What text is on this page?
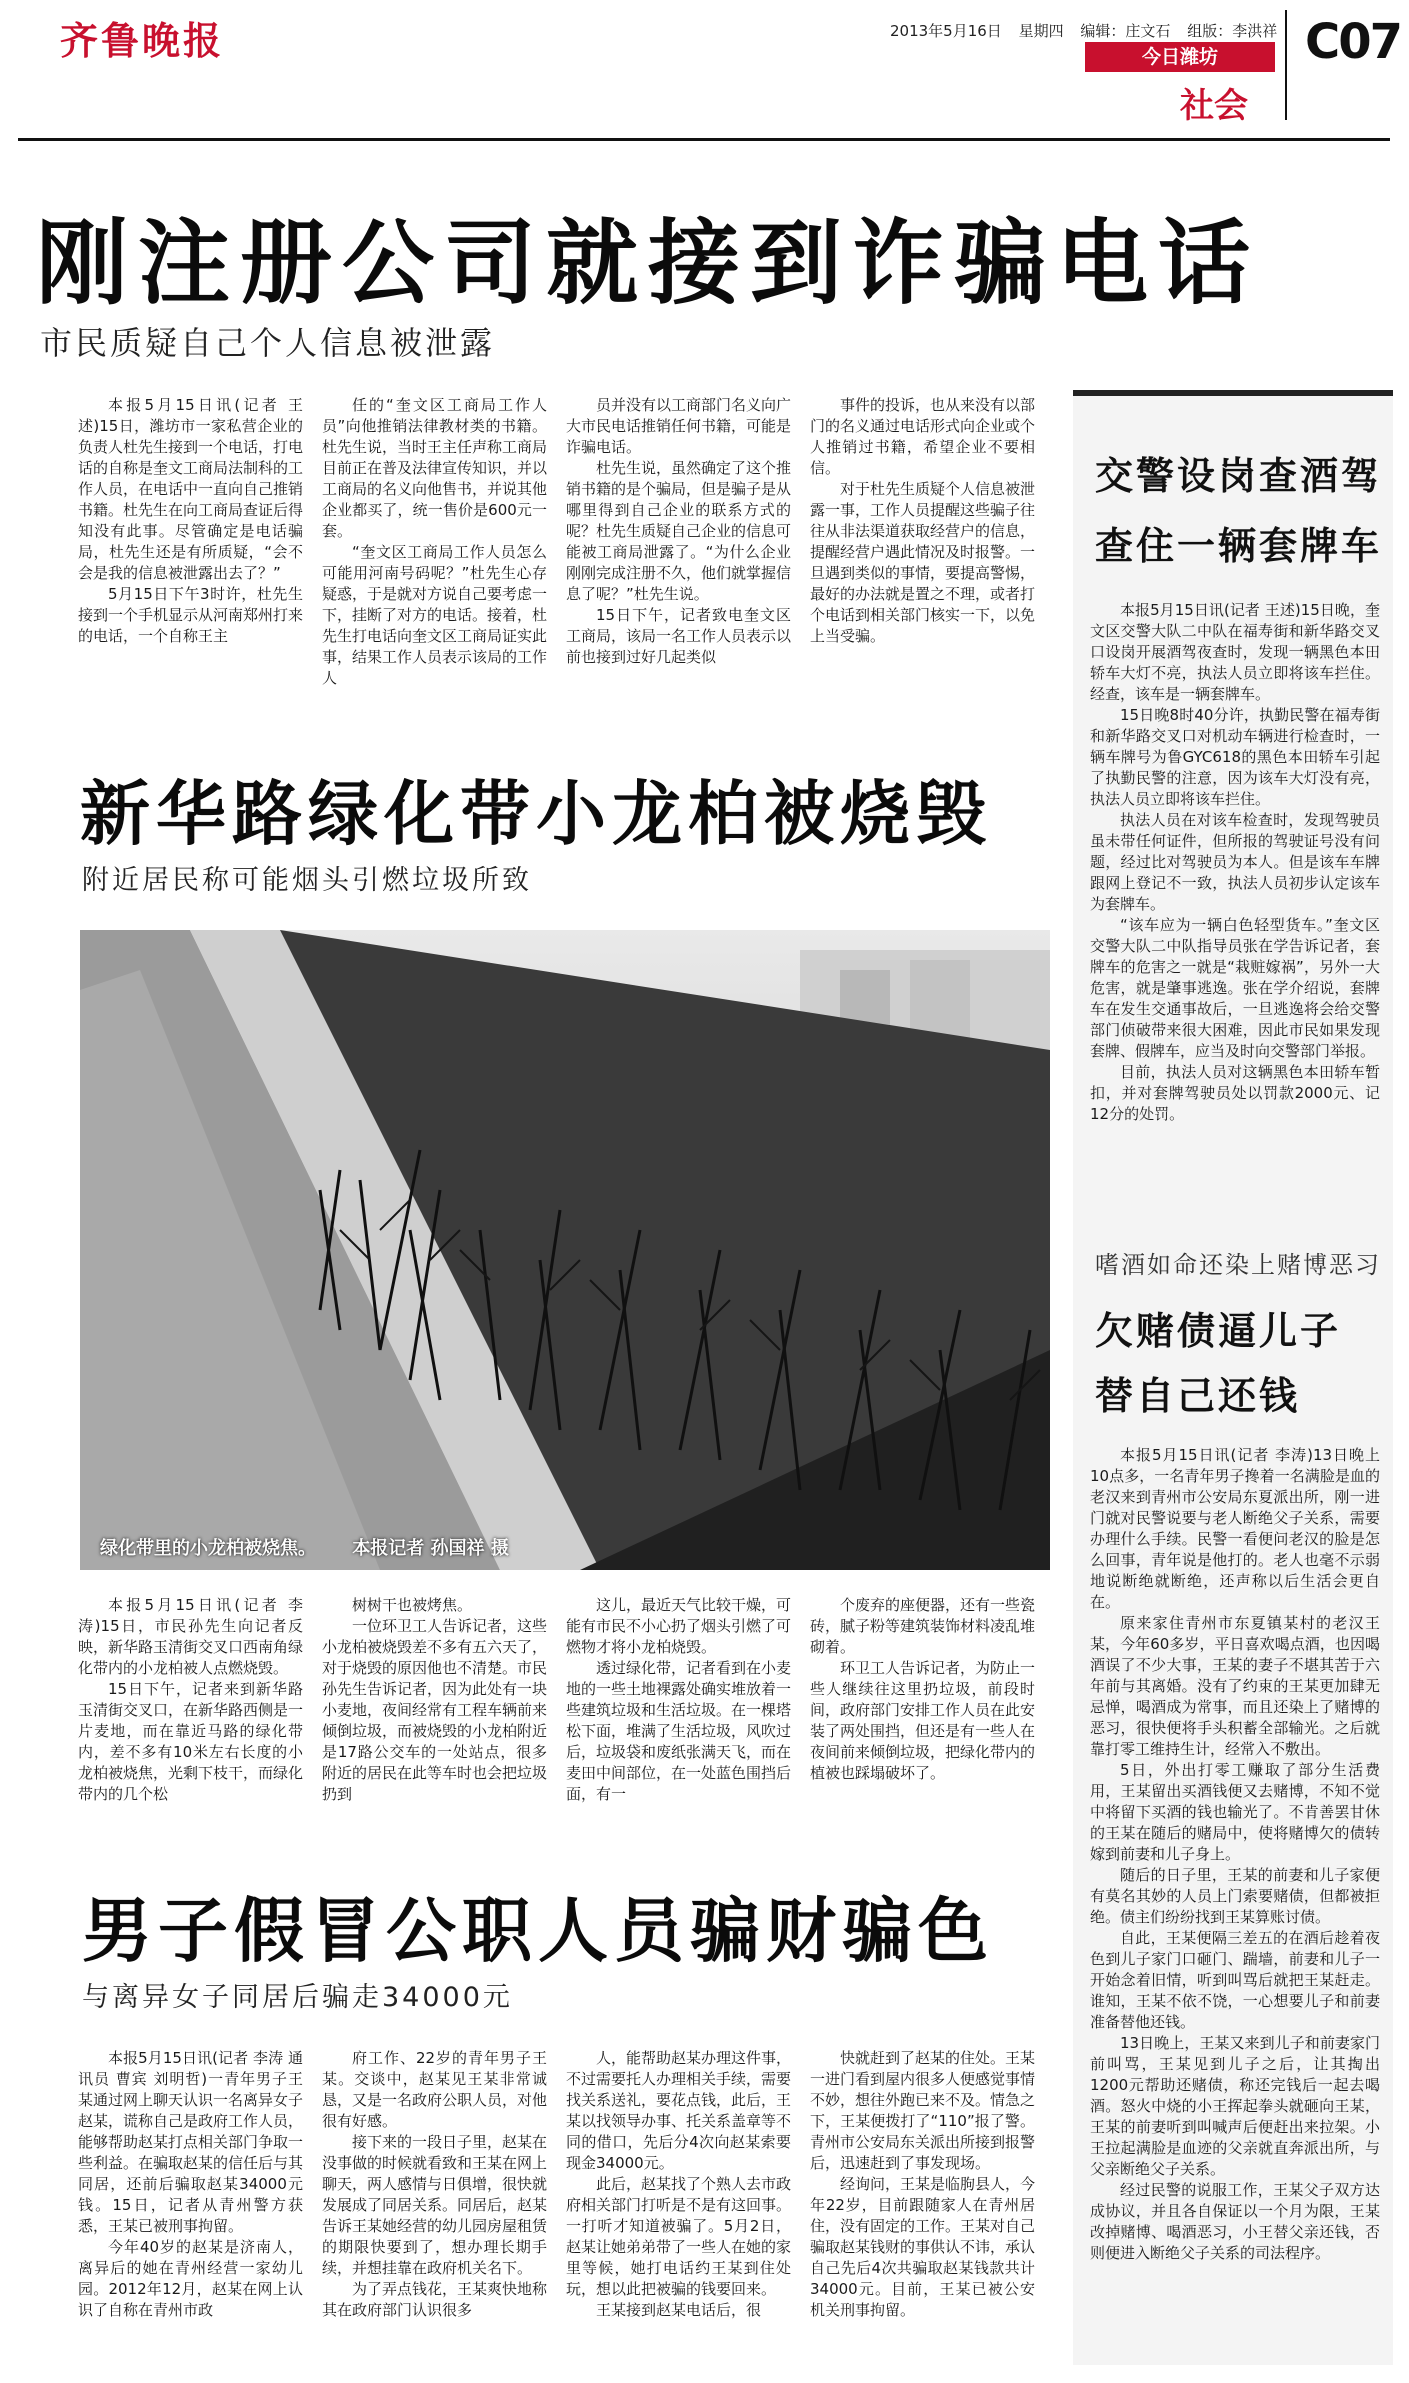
齐鲁晚报	2013年5月16日 星期四 编辑：庄文石 组版：李洪祥
今日潍坊
社会
C07
刚注册公司就接到诈骗电话
市民质疑自己个人信息被泄露

本报5月15日讯(记者 王述)15日，潍坊市一家私营企业的负责人杜先生接到一个电话，打电话的自称是奎文工商局法制科的工作人员，在电话中一直向自己推销书籍。杜先生在向工商局查证后得知没有此事。尽管确定是电话骗局，杜先生还是有所质疑，“会不会是我的信息被泄露出去了？”

5月15日下午3时许，杜先生接到一个手机显示从河南郑州打来的电话，一个自称王主

任的“奎文区工商局工作人员”向他推销法律教材类的书籍。杜先生说，当时王主任声称工商局目前正在普及法律宣传知识，并以工商局的名义向他售书，并说其他企业都买了，统一售价是600元一套。

“奎文区工商局工作人员怎么可能用河南号码呢？”杜先生心存疑惑，于是就对方说自己要考虑一下，挂断了对方的电话。接着，杜先生打电话向奎文区工商局证实此事，结果工作人员表示该局的工作人

员并没有以工商部门名义向广大市民电话推销任何书籍，可能是诈骗电话。

杜先生说，虽然确定了这个推销书籍的是个骗局，但是骗子是从哪里得到自己企业的联系方式的呢？杜先生质疑自己企业的信息可能被工商局泄露了。“为什么企业刚刚完成注册不久，他们就掌握信息了呢？”杜先生说。

15日下午，记者致电奎文区工商局，该局一名工作人员表示以前也接到过好几起类似

事件的投诉，也从来没有以部门的名义通过电话形式向企业或个人推销过书籍，希望企业不要相信。

对于杜先生质疑个人信息被泄露一事，工作人员提醒这些骗子往往从非法渠道获取经营户的信息，提醒经营户遇此情况及时报警。一旦遇到类似的事情，要提高警惕，最好的办法就是置之不理，或者打个电话到相关部门核实一下，以免上当受骗。

交警设岗查酒驾
查住一辆套牌车

本报5月15日讯(记者 王述)15日晚，奎文区交警大队二中队在福寿街和新华路交叉口设岗开展酒驾夜查时，发现一辆黑色本田轿车大灯不亮，执法人员立即将该车拦住。经查，该车是一辆套牌车。

15日晚8时40分许，执勤民警在福寿街和新华路交叉口对机动车辆进行检查时，一辆车牌号为鲁GYC618的黑色本田轿车引起了执勤民警的注意，因为该车大灯没有亮，执法人员立即将该车拦住。

执法人员在对该车检查时，发现驾驶员虽未带任何证件，但所报的驾驶证号没有问题，经过比对驾驶员为本人。但是该车车牌跟网上登记不一致，执法人员初步认定该车为套牌车。

“该车应为一辆白色轻型货车。”奎文区交警大队二中队指导员张在学告诉记者，套牌车的危害之一就是“栽赃嫁祸”，另外一大危害，就是肇事逃逸。张在学介绍说，套牌车在发生交通事故后，一旦逃逸将会给交警部门侦破带来很大困难，因此市民如果发现套牌、假牌车，应当及时向交警部门举报。

目前，执法人员对这辆黑色本田轿车暂扣，并对套牌驾驶员处以罚款2000元、记12分的处罚。

嗜酒如命还染上赌博恶习
欠赌债逼儿子
替自己还钱

本报5月15日讯(记者 李涛)13日晚上10点多，一名青年男子搀着一名满脸是血的老汉来到青州市公安局东夏派出所，刚一进门就对民警说要与老人断绝父子关系，需要办理什么手续。民警一看便问老汉的脸是怎么回事，青年说是他打的。老人也毫不示弱地说断绝就断绝，还声称以后生活会更自在。

原来家住青州市东夏镇某村的老汉王某，今年60多岁，平日喜欢喝点酒，也因喝酒误了不少大事，王某的妻子不堪其苦于六年前与其离婚。没有了约束的王某更加肆无忌惮，喝酒成为常事，而且还染上了赌博的恶习，很快便将手头积蓄全部输光。之后就靠打零工维持生计，经常入不敷出。

5日，外出打零工赚取了部分生活费用，王某留出买酒钱便又去赌博，不知不觉中将留下买酒的钱也输光了。不肯善罢甘休的王某在随后的赌局中，使将赌博欠的债转嫁到前妻和儿子身上。

随后的日子里，王某的前妻和儿子家便有莫名其妙的人员上门索要赌债，但都被拒绝。债主们纷纷找到王某算账讨债。

自此，王某便隔三差五的在酒后趁着夜色到儿子家门口砸门、踹墙，前妻和儿子一开始念着旧情，听到叫骂后就把王某赶走。谁知，王某不依不饶，一心想要儿子和前妻准备替他还钱。

13日晚上，王某又来到儿子和前妻家门前叫骂，王某见到儿子之后，让其掏出1200元帮助还赌债，称还完钱后一起去喝酒。怒火中烧的小王挥起拳头就砸向王某，王某的前妻听到叫喊声后便赶出来拉架。小王拉起满脸是血迹的父亲就直奔派出所，与父亲断绝父子关系。

经过民警的说服工作，王某父子双方达成协议，并且各自保证以一个月为限，王某改掉赌博、喝酒恶习，小王替父亲还钱，否则便进入断绝父子关系的司法程序。

新华路绿化带小龙柏被烧毁
附近居民称可能烟头引燃垃圾所致
绿化带里的小龙柏被烧焦。 本报记者 孙国祥 摄

本报5月15日讯(记者 李涛)15日，市民孙先生向记者反映，新华路玉清街交叉口西南角绿化带内的小龙柏被人点燃烧毁。

15日下午，记者来到新华路玉清街交叉口，在新华路西侧是一片麦地，而在靠近马路的绿化带内，差不多有10米左右长度的小龙柏被烧焦，光剩下枝干，而绿化带内的几个松

树树干也被烤焦。

一位环卫工人告诉记者，这些小龙柏被烧毁差不多有五六天了，对于烧毁的原因他也不清楚。市民孙先生告诉记者，因为此处有一块小麦地，夜间经常有工程车辆前来倾倒垃圾，而被烧毁的小龙柏附近是17路公交车的一处站点，很多附近的居民在此等车时也会把垃圾扔到

这儿，最近天气比较干燥，可能有市民不小心扔了烟头引燃了可燃物才将小龙柏烧毁。

透过绿化带，记者看到在小麦地的一些土地裸露处确实堆放着一些建筑垃圾和生活垃圾。在一棵塔松下面，堆满了生活垃圾，风吹过后，垃圾袋和废纸张满天飞，而在麦田中间部位，在一处蓝色围挡后面，有一

个废弃的座便器，还有一些瓷砖，腻子粉等建筑装饰材料凌乱堆砌着。

环卫工人告诉记者，为防止一些人继续往这里扔垃圾，前段时间，政府部门安排工作人员在此安装了两处围挡，但还是有一些人在夜间前来倾倒垃圾，把绿化带内的植被也踩塌破坏了。

男子假冒公职人员骗财骗色
与离异女子同居后骗走34000元

本报5月15日讯(记者 李涛 通讯员 曹宾 刘明哲)一青年男子王某通过网上聊天认识一名离异女子赵某，谎称自己是政府工作人员，能够帮助赵某打点相关部门争取一些利益。在骗取赵某的信任后与其同居，还前后骗取赵某34000元钱。15日，记者从青州警方获悉，王某已被刑事拘留。

今年40岁的赵某是济南人，离异后的她在青州经营一家幼儿园。2012年12月，赵某在网上认识了自称在青州市政

府工作、22岁的青年男子王某。交谈中，赵某见王某非常诚恳，又是一名政府公职人员，对他很有好感。

接下来的一段日子里，赵某在没事做的时候就看致和王某在网上聊天，两人感情与日俱增，很快就发展成了同居关系。同居后，赵某告诉王某她经营的幼儿园房屋租赁的期限快要到了，想办理长期手续，并想挂靠在政府机关名下。

为了弄点钱花，王某爽快地称其在政府部门认识很多

人，能帮助赵某办理这件事，不过需要托人办理相关手续，需要找关系送礼，要花点钱，此后，王某以找领导办事、托关系盖章等不同的借口，先后分4次向赵某索要现金34000元。

此后，赵某找了个熟人去市政府相关部门打听是不是有这回事。一打听才知道被骗了。5月2日，赵某让她弟弟带了一些人在她的家里等候，她打电话约王某到住处玩，想以此把被骗的钱要回来。

王某接到赵某电话后，很

快就赶到了赵某的住处。王某一进门看到屋内很多人便感觉事情不妙，想往外跑已来不及。情急之下，王某便拨打了“110”报了警。青州市公安局东关派出所接到报警后，迅速赶到了事发现场。

经询问，王某是临朐县人，今年22岁，目前跟随家人在青州居住，没有固定的工作。王某对自己骗取赵某钱财的事供认不讳，承认自己先后4次共骗取赵某钱款共计34000元。目前，王某已被公安机关刑事拘留。
